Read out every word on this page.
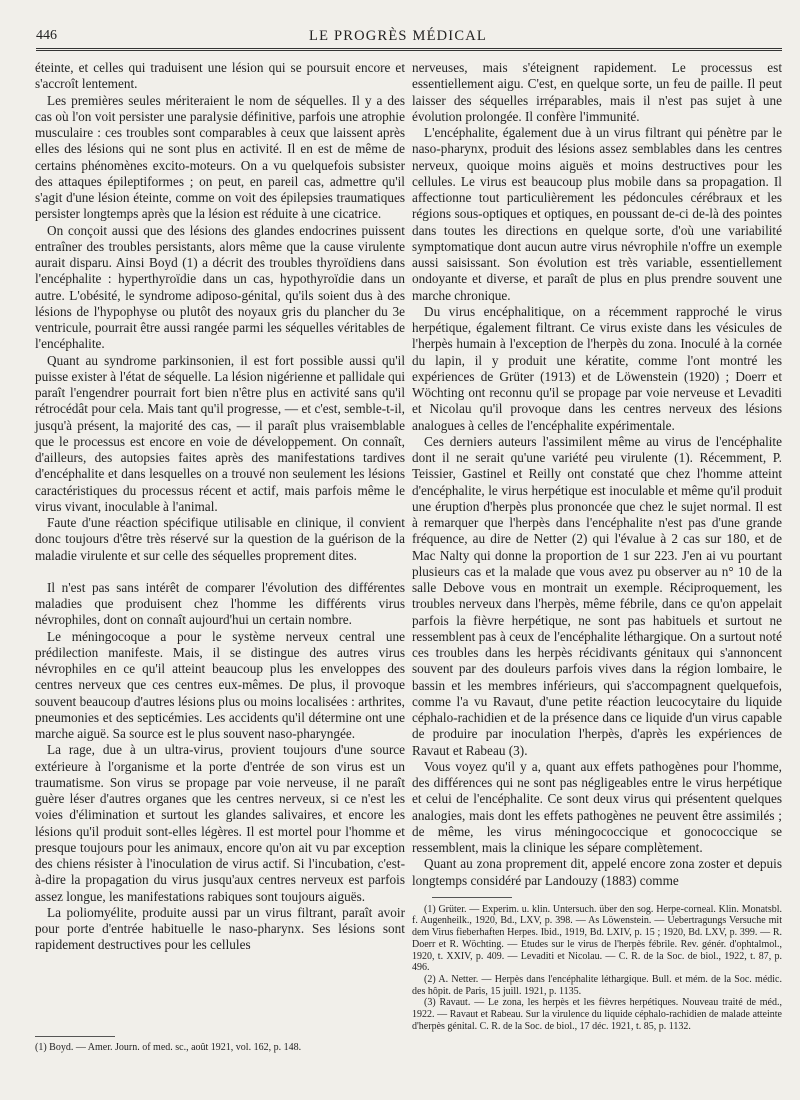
446	LE PROGRÈS MÉDICAL

éteinte, et celles qui traduisent une lésion qui se poursuit encore et s'accroît lentement.

Les premières seules mériteraient le nom de séquelles. Il y a des cas où l'on voit persister une paralysie définitive, parfois une atrophie musculaire : ces troubles sont comparables à ceux que laissent après elles des lésions qui ne sont plus en activité. Il en est de même de certains phénomènes excito-moteurs. On a vu quelquefois subsister des attaques épileptiformes ; on peut, en pareil cas, admettre qu'il s'agit d'une lésion éteinte, comme on voit des épilepsies traumatiques persister longtemps après que la lésion est réduite à une cicatrice.

On conçoit aussi que des lésions des glandes endocrines puissent entraîner des troubles persistants, alors même que la cause virulente aurait disparu. Ainsi Boyd (1) a décrit des troubles thyroïdiens dans l'encéphalite : hyperthyroïdie dans un cas, hypothyroïdie dans un autre. L'obésité, le syndrome adiposo-génital, qu'ils soient dus à des lésions de l'hypophyse ou plutôt des noyaux gris du plancher du 3e ventricule, pourrait être aussi rangée parmi les séquelles véritables de l'encéphalite.

Quant au syndrome parkinsonien, il est fort possible aussi qu'il puisse exister à l'état de séquelle. La lésion nigérienne et pallidale qui paraît l'engendrer pourrait fort bien n'être plus en activité sans qu'il rétrocédât pour cela. Mais tant qu'il progresse, — et c'est, semble-t-il, jusqu'à présent, la majorité des cas, — il paraît plus vraisemblable que le processus est encore en voie de développement. On connaît, d'ailleurs, des autopsies faites après des manifestations tardives d'encéphalite et dans lesquelles on a trouvé non seulement les lésions caractéristiques du processus récent et actif, mais parfois même le virus vivant, inoculable à l'animal.

Faute d'une réaction spécifique utilisable en clinique, il convient donc toujours d'être très réservé sur la question de la guérison de la maladie virulente et sur celle des séquelles proprement dites.

Il n'est pas sans intérêt de comparer l'évolution des différentes maladies que produisent chez l'homme les différents virus névrophiles, dont on connaît aujourd'hui un certain nombre.

Le méningocoque a pour le système nerveux central une prédilection manifeste. Mais, il se distingue des autres virus névrophiles en ce qu'il atteint beaucoup plus les enveloppes des centres nerveux que ces centres eux-mêmes. De plus, il provoque souvent beaucoup d'autres lésions plus ou moins localisées : arthrites, pneumonies et des septicémies. Les accidents qu'il détermine ont une marche aiguë. Sa source est le plus souvent naso-pharyngée.

La rage, due à un ultra-virus, provient toujours d'une source extérieure à l'organisme et la porte d'entrée de son virus est un traumatisme. Son virus se propage par voie nerveuse, il ne paraît guère léser d'autres organes que les centres nerveux, si ce n'est les voies d'élimination et surtout les glandes salivaires, et encore les lésions qu'il produit sont-elles légères. Il est mortel pour l'homme et presque toujours pour les animaux, encore qu'on ait vu par exception des chiens résister à l'inoculation de virus actif. Si l'incubation, c'est-à-dire la propagation du virus jusqu'aux centres nerveux est parfois assez longue, les manifestations rabiques sont toujours aiguës.

La poliomyélite, produite aussi par un virus filtrant, paraît avoir pour porte d'entrée habituelle le naso-pharynx. Ses lésions sont rapidement destructives pour les cellules

(1) Boyd. — Amer. Journ. of med. sc., août 1921, vol. 162, p. 148.

nerveuses, mais s'éteignent rapidement. Le processus est essentiellement aigu. C'est, en quelque sorte, un feu de paille. Il peut laisser des séquelles irréparables, mais il n'est pas sujet à une évolution prolongée. Il confère l'immunité.

L'encéphalite, également due à un virus filtrant qui pénètre par le naso-pharynx, produit des lésions assez semblables dans les centres nerveux, quoique moins aiguës et moins destructives pour les cellules. Le virus est beaucoup plus mobile dans sa propagation. Il affectionne tout particulièrement les pédoncules cérébraux et les régions sous-optiques et optiques, en poussant de-ci de-là des pointes dans toutes les directions en quelque sorte, d'où une variabilité symptomatique dont aucun autre virus névrophile n'offre un exemple aussi saisissant. Son évolution est très variable, essentiellement ondoyante et diverse, et paraît de plus en plus prendre souvent une marche chronique.

Du virus encéphalitique, on a récemment rapproché le virus herpétique, également filtrant. Ce virus existe dans les vésicules de l'herpès humain à l'exception de l'herpès du zona. Inoculé à la cornée du lapin, il y produit une kératite, comme l'ont montré les expériences de Grüter (1913) et de Löwenstein (1920) ; Doerr et Wöchting ont reconnu qu'il se propage par voie nerveuse et Levaditi et Nicolau qu'il provoque dans les centres nerveux des lésions analogues à celles de l'encéphalite expérimentale.

Ces derniers auteurs l'assimilent même au virus de l'encéphalite dont il ne serait qu'une variété peu virulente (1). Récemment, P. Teissier, Gastinel et Reilly ont constaté que chez l'homme atteint d'encéphalite, le virus herpétique est inoculable et même qu'il produit une éruption d'herpès plus prononcée que chez le sujet normal. Il est à remarquer que l'herpès dans l'encéphalite n'est pas d'une grande fréquence, au dire de Netter (2) qui l'évalue à 2 cas sur 180, et de Mac Nalty qui donne la proportion de 1 sur 223. J'en ai vu pourtant plusieurs cas et la malade que vous avez pu observer au n° 10 de la salle Debove vous en montrait un exemple. Réciproquement, les troubles nerveux dans l'herpès, même fébrile, dans ce qu'on appelait parfois la fièvre herpétique, ne sont pas habituels et surtout ne ressemblent pas à ceux de l'encéphalite léthargique. On a surtout noté ces troubles dans les herpès récidivants génitaux qui s'annoncent souvent par des douleurs parfois vives dans la région lombaire, le bassin et les membres inférieurs, qui s'accompagnent quelquefois, comme l'a vu Ravaut, d'une petite réaction leucocytaire du liquide céphalo-rachidien et de la présence dans ce liquide d'un virus capable de produire par inoculation l'herpès, d'après les expériences de Ravaut et Rabeau (3).

Vous voyez qu'il y a, quant aux effets pathogènes pour l'homme, des différences qui ne sont pas négligeables entre le virus herpétique et celui de l'encéphalite. Ce sont deux virus qui présentent quelques analogies, mais dont les effets pathogènes ne peuvent être assimilés ; de même, les virus méningococcique et gonococcique se ressemblent, mais la clinique les sépare complètement.

Quant au zona proprement dit, appelé encore zona zoster et depuis longtemps considéré par Landouzy (1883) comme

(1) Grüter. — Experim. u. klin. Untersuch. über den sog. Herpe-corneal. Klin. Monatsbl. f. Augenheilk., 1920, Bd., LXV, p. 398. — As Löwenstein. — Uebertragungs Versuche mit dem Virus fieberhaften Herpes. Ibid., 1919, Bd. LXIV, p. 15 ; 1920, Bd. LXV, p. 399. — R. Doerr et R. Wöchting. — Etudes sur le virus de l'herpès fébrile. Rev. génér. d'ophtalmol., 1920, t. XXIV, p. 409. — Levaditi et Nicolau. — C. R. de la Soc. de biol., 1922, t. 87, p. 496.

(2) A. Netter. — Herpès dans l'encéphalite léthargique. Bull. et mém. de la Soc. médic. des hôpit. de Paris, 15 juill. 1921, p. 1135.

(3) Ravaut. — Le zona, les herpès et les fièvres herpétiques. Nouveau traité de méd., 1922. — Ravaut et Rabeau. Sur la virulence du liquide céphalo-rachidien de malade atteinte d'herpès génital. C. R. de la Soc. de biol., 17 déc. 1921, t. 85, p. 1132.
